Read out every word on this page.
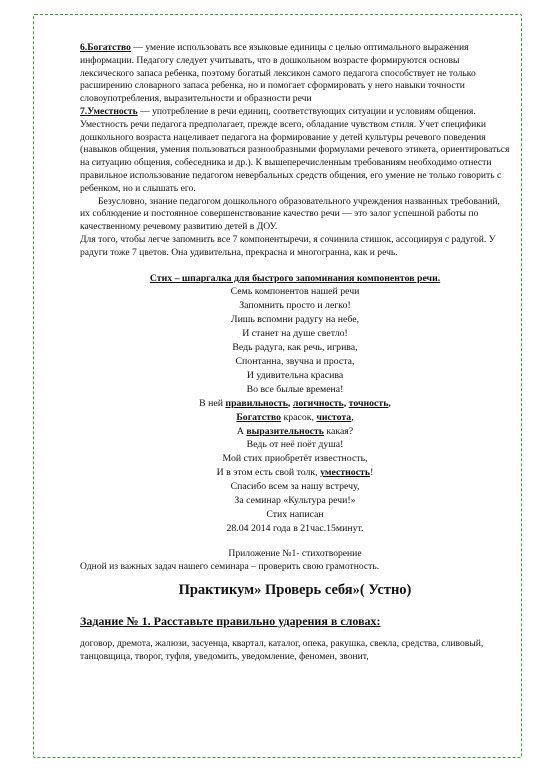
6.Богатство — умение использовать все языковые единицы с целью оптимального выражения информации. Педагогу следует учитывать, что в дошкольном возрасте формируются основы лексического запаса ребенка, поэтому богатый лексикон самого педагога способствует не только расширению словарного запаса ребенка, но и помогает сформировать у него навыки точности словоупотребления, выразительности и образности речи

7.Уместность — употребление в речи единиц, соответствующих ситуации и условиям общения. Уместность речи педагога предполагает, прежде всего, обладание чувством стиля. Учет специфики дошкольного возраста нацеливает педагога на формирование у детей культуры речевого поведения (навыков общения, умения пользоваться разнообразными формулами речевого этикета, ориентироваться на ситуацию общения, собеседника и др.). К вышеперечисленным требованиям необходимо отнести правильное использование педагогом невербальных средств общения, его умение не только говорить с ребенком, но и слышать его.

Безусловно, знание педагогом дошкольного образовательного учреждения названных требований, их соблюдение и постоянное совершенствование качество речи — это залог успешной работы по качественному речевому развитию детей в ДОУ.

Для того, чтобы легче запомнить все 7 компонентыречи, я сочинила стишок, ассоциируя с радугой. У радуги тоже 7 цветов. Она удивительна, прекрасна и многогранна, как и речь.

Стих – шпаргалка для быстрого запоминания компонентов речи.

Семь компонентов нашей речи

Запомнить просто и легко!

Лишь вспомни радугу на небе,

И станет на душе светло!

Ведь радуга, как речь, игрива,

Спонтанна, звучна и проста,

И удивительна красива

Во все былые времена!

В ней правильность, логичность, точность,

Богатство красок, чистота,

А выразительность какая?

Ведь от неё поёт душа!

Мой стих приобретёт известность,

И в этом есть свой толк, уместность!

Спасибо всем за нашу встречу,

За семинар «Культура речи!»

Стих написан

28.04 2014 года в 21час.15минут.

Приложение №1- стихотворение

Одной из важных задач нашего семинара – проверить свою грамотность.

Практикум» Проверь себя»( Устно)

Задание № 1. Расставьте правильно ударения в словах:

договор, дремота, жалюзи, засуенца, квартал, каталог, опека, ракушка, свекла, средства, сливовый, танцовщица, творог, туфля, уведомить, уведомление, феномен, звонит,
